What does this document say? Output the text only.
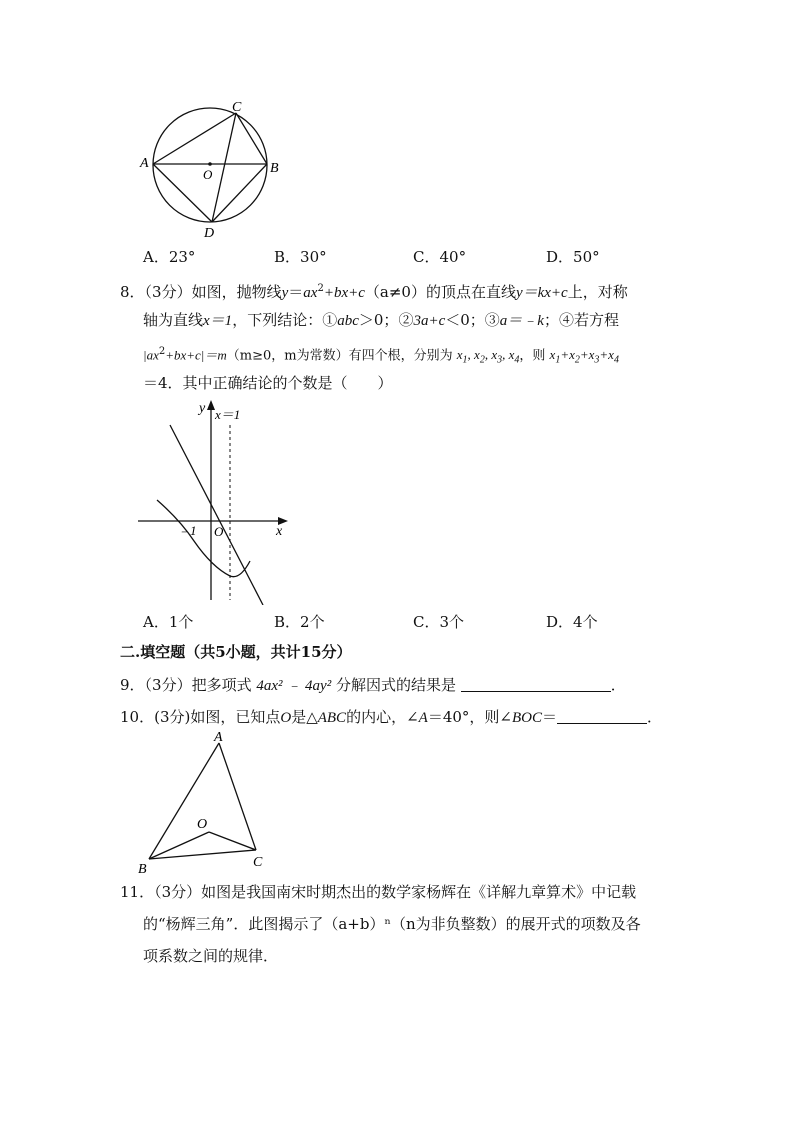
C
A	B
O
D
A．23°	B．30°	C．40°	D．50°
8．（3分）如图，抛物线$y=ax^2+bx+c(a\ne 0)$的顶点在直线y＝kx+c上，对称
轴为直线x＝1，下列结论：①abc＞0；②3a+c＜0；③a＝﹣k；④若方程
$|ax^2+bx+c|=m(m\ge 0$，m为常数）有四个根，分别为 $x_1$, $x_2$, $x_3$, $x_4$，则 $x_1+x_2+x_3+x_4$
＝4．其中正确结论的个数是（　　）
y x＝1
x
﹣1 O
A．1个	B．2个	C．3个	D．4个
二.填空题（共5小题，共计15分）
9．（3分）把多项式 4ax² ﹣ 4ay² 分解因式的结果是	．
10．(3分)如图，已知点O是△ABC的内心，∠A＝40°，则∠BOC＝	．
A
O
B	C
11．（3分）如图是我国南宋时期杰出的数学家杨辉在《详解九章算术》中记载
的“杨辉三角”．此图揭示了（a+b）ⁿ（n为非负整数）的展开式的项数及各
项系数之间的规律．
